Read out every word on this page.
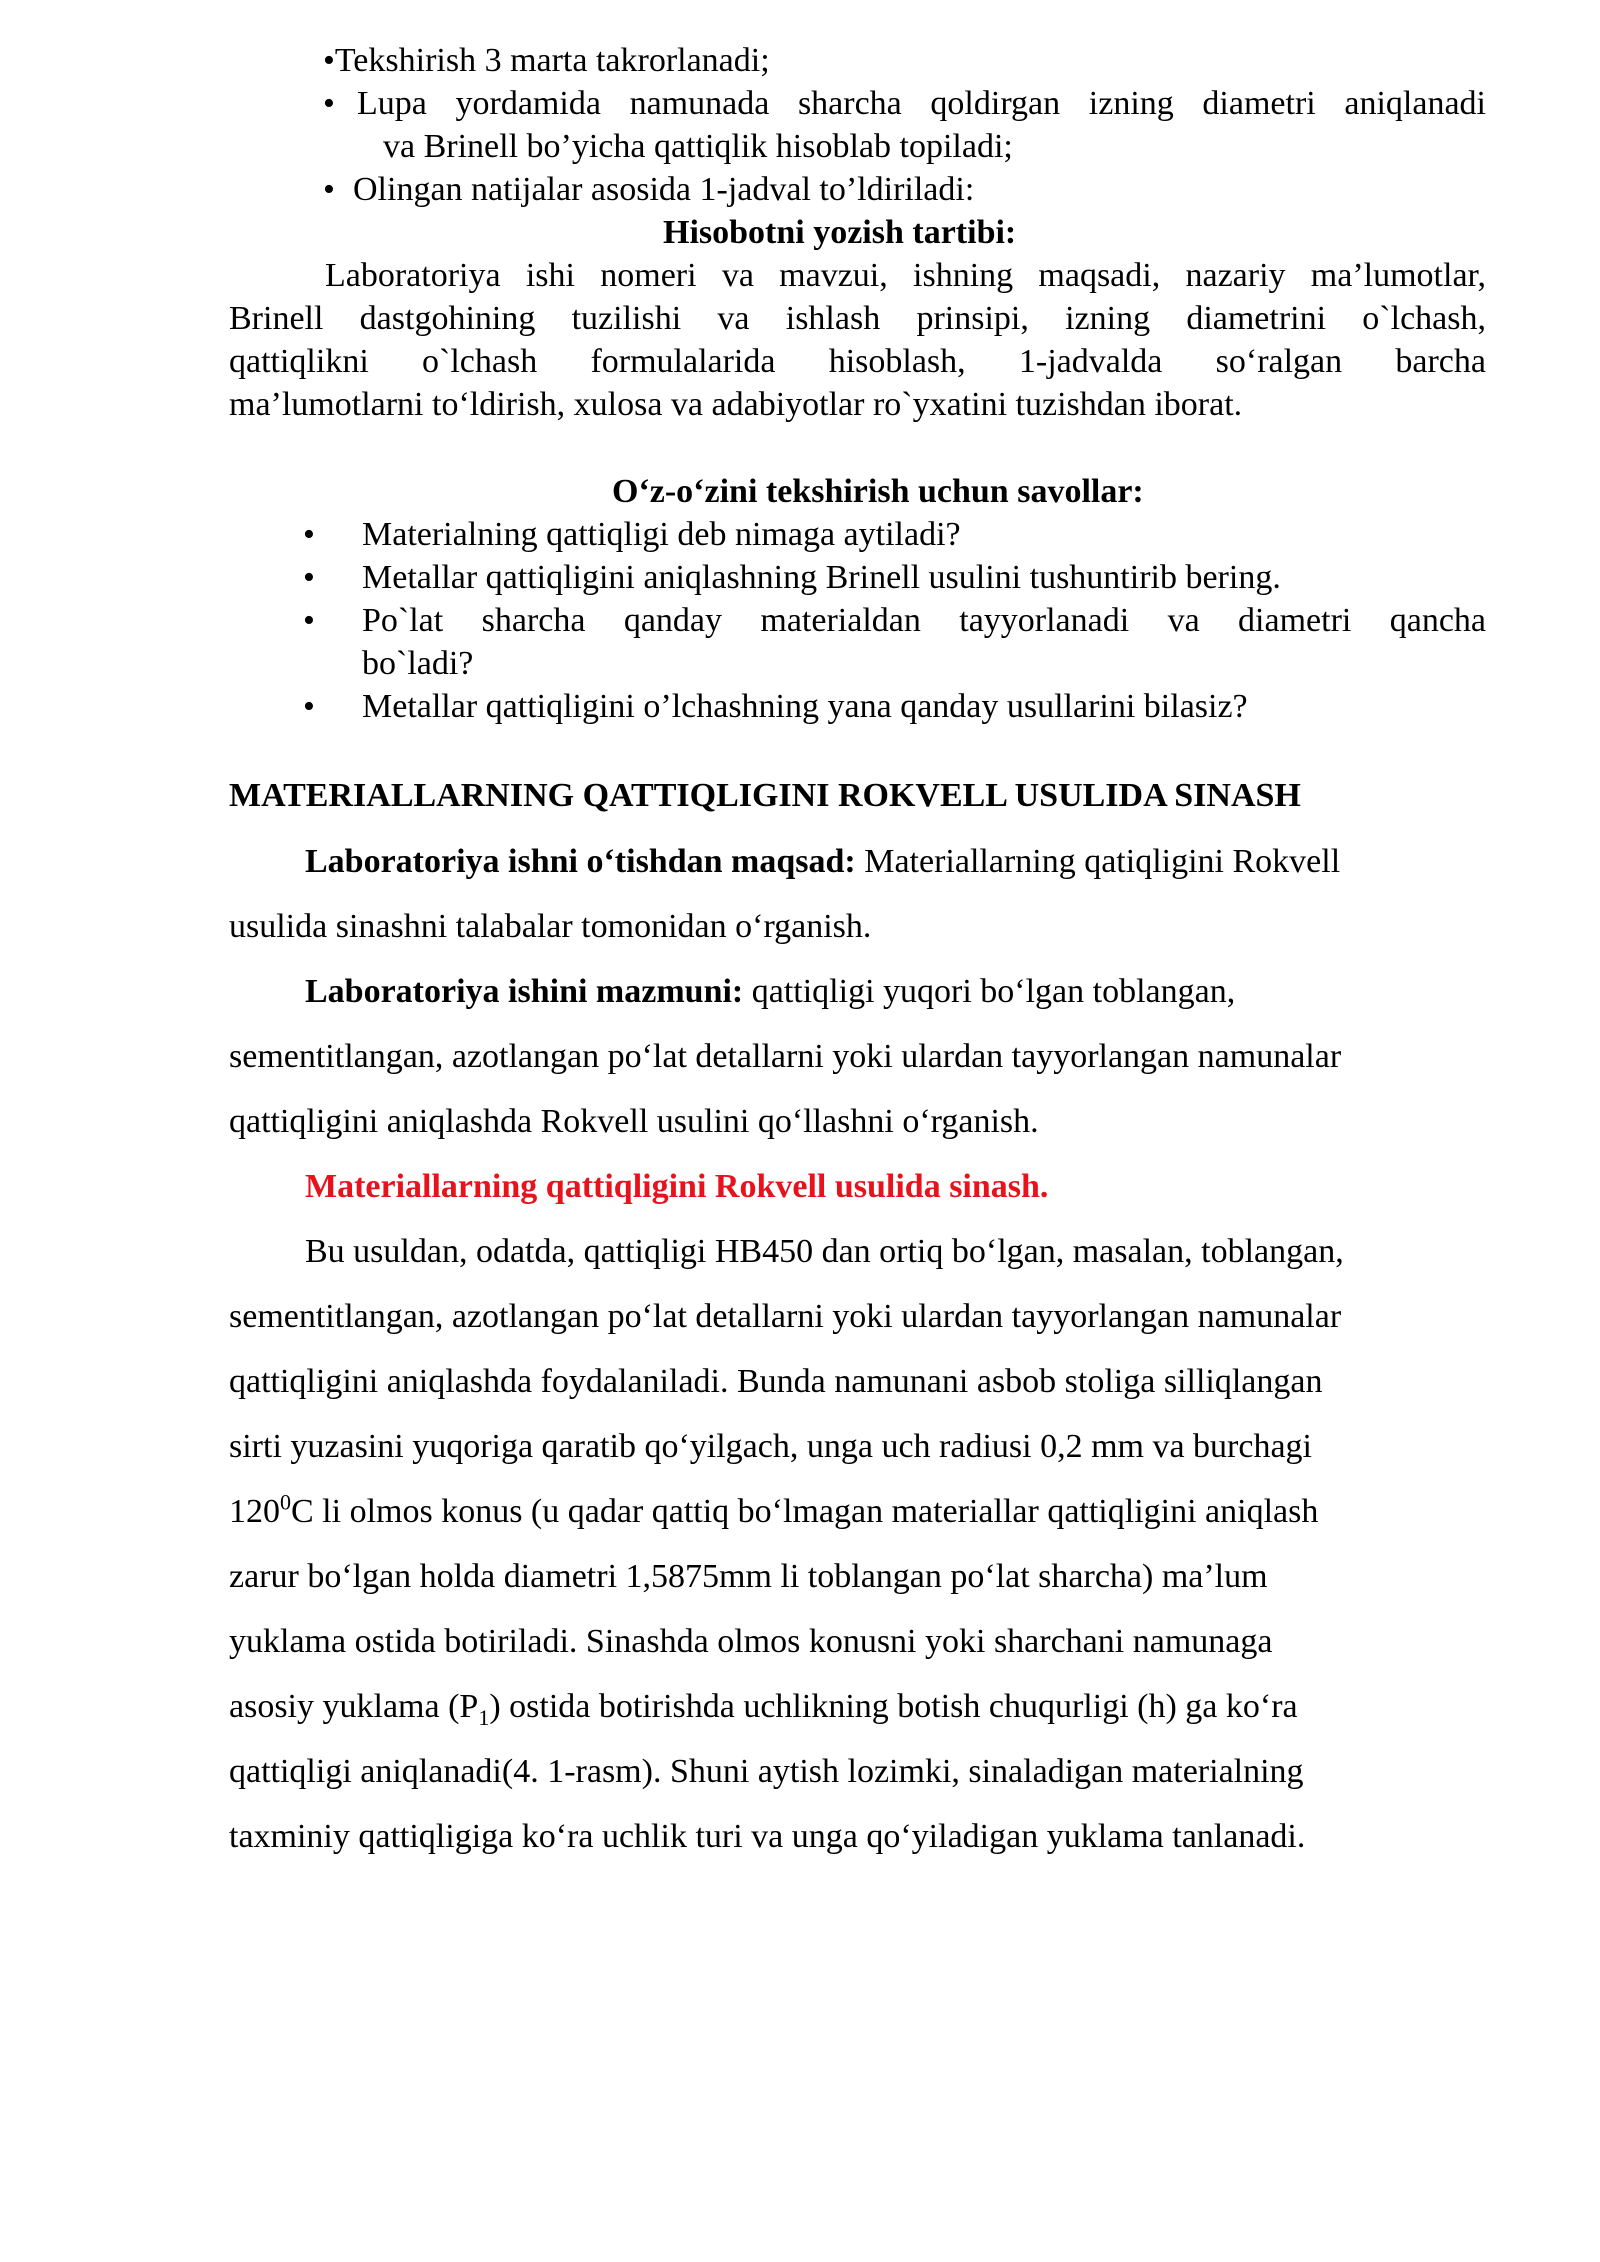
•Tekshirish 3 marta takrorlanadi;
• Lupa yordamida namunada sharcha qoldirgan izning diametri aniqlanadi
va Brinell bo’yicha qattiqlik hisoblab topiladi;
• Olingan natijalar asosida 1-jadval to’ldiriladi:
Hisobotni yozish tartibi:
Laboratoriya ishi nomeri va mavzui, ishning maqsadi, nazariy ma’lumotlar,
Brinell dastgohining tuzilishi va ishlash prinsipi, izning diametrini o`lchash,
qattiqlikni o`lchash formulalarida hisoblash, 1-jadvalda so‘ralgan barcha
ma’lumotlarni to‘ldirish, xulosa va adabiyotlar ro`yxatini tuzishdan iborat.
O‘z-o‘zini tekshirish uchun savollar:
• Materialning qattiqligi deb nimaga aytiladi?
• Metallar qattiqligini aniqlashning Brinell usulini tushuntirib bering.
• Po`lat sharcha qanday materialdan tayyorlanadi va diametri qancha
bo`ladi?
• Metallar qattiqligini o’lchashning yana qanday usullarini bilasiz?
MATERIALLARNING QATTIQLIGINI ROKVELL USULIDA SINASH
Laboratoriya ishni o‘tishdan maqsad: Materiallarning qatiqligini Rokvell
usulida sinashni talabalar tomonidan o‘rganish.
Laboratoriya ishini mazmuni: qattiqligi yuqori bo‘lgan toblangan,
sementitlangan, azotlangan po‘lat detallarni yoki ulardan tayyorlangan namunalar
qattiqligini aniqlashda Rokvell usulini qo‘llashni o‘rganish.
Materiallarning qattiqligini Rokvell usulida sinash.
Bu usuldan, odatda, qattiqligi HB450 dan ortiq bo‘lgan, masalan, toblangan,
sementitlangan, azotlangan po‘lat detallarni yoki ulardan tayyorlangan namunalar
qattiqligini aniqlashda foydalaniladi. Bunda namunani asbob stoliga silliqlangan
sirti yuzasini yuqoriga qaratib qo‘yilgach, unga uch radiusi 0,2 mm va burchagi
$120^0C$ li olmos konus (u qadar qattiq bo‘lmagan materiallar qattiqligini aniqlash
zarur bo‘lgan holda diametri 1,5875mm li toblangan po‘lat sharcha) ma’lum
yuklama ostida botiriladi. Sinashda olmos konusni yoki sharchani namunaga
asosiy yuklama $(P_1)$ ostida botirishda uchlikning botish chuqurligi (h) ga ko‘ra
qattiqligi aniqlanadi(4. 1-rasm). Shuni aytish lozimki, sinaladigan materialning
taxminiy qattiqligiga ko‘ra uchlik turi va unga qo‘yiladigan yuklama tanlanadi.
